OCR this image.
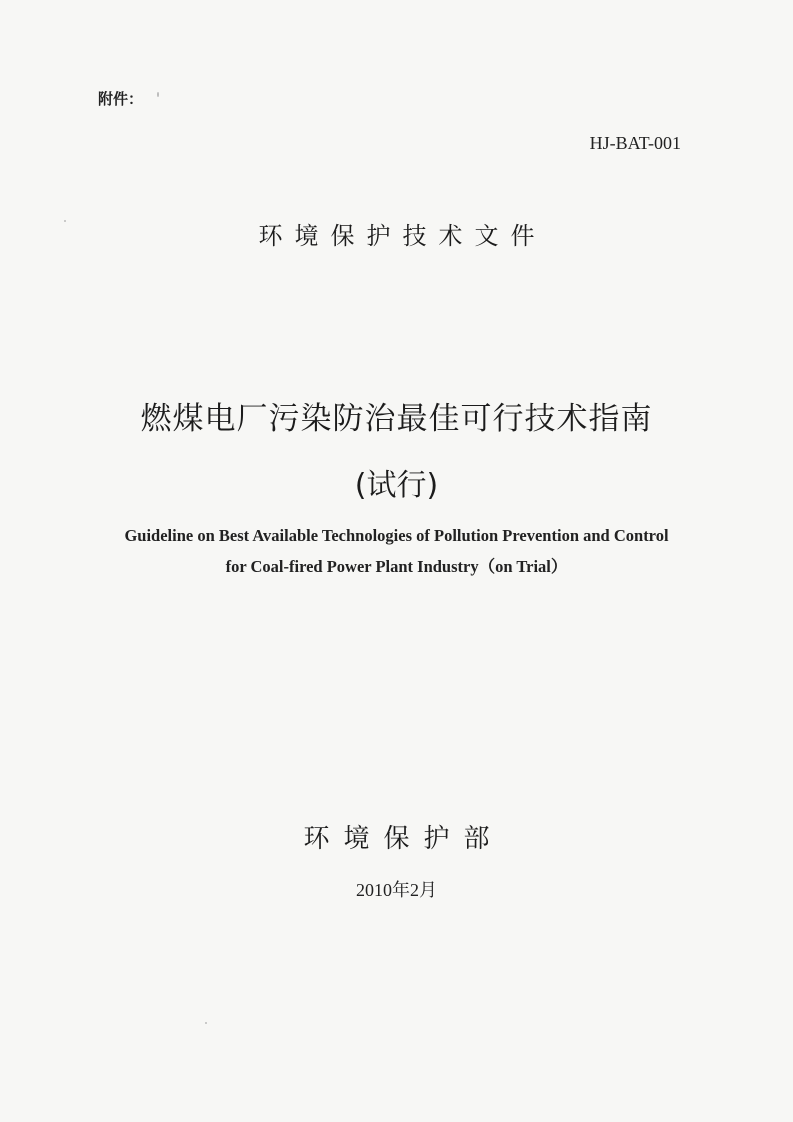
附件：
HJ-BAT-001
环境保护技术文件
燃煤电厂污染防治最佳可行技术指南
(试行)
Guideline on Best Available Technologies of Pollution Prevention and Control
for Coal-fired Power Plant Industry（on Trial）
环境保护部
2010年2月
